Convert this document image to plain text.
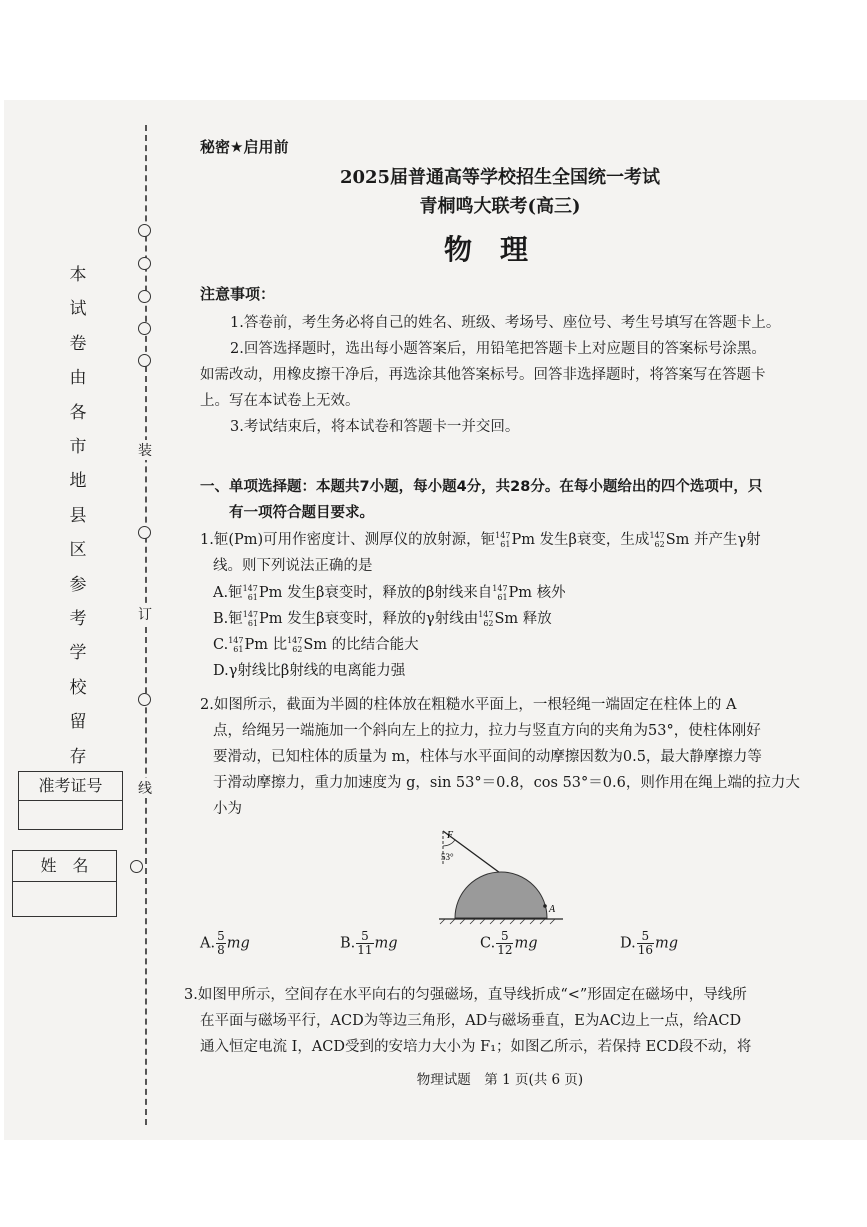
装
订
线
本
试
卷
由
各
市
地
县
区
参
考
学
校
留
存
准考证号
姓　名
秘密★启用前
2025届普通高等学校招生全国统一考试
青桐鸣大联考(高三)
物理
注意事项：
1.答卷前，考生务必将自己的姓名、班级、考场号、座位号、考生号填写在答题卡上。
2.回答选择题时，选出每小题答案后，用铅笔把答题卡上对应题目的答案标号涂黑。
如需改动，用橡皮擦干净后，再选涂其他答案标号。回答非选择题时，将答案写在答题卡
上。写在本试卷上无效。
3.考试结束后，将本试卷和答题卡一并交回。
一、单项选择题：本题共7小题，每小题4分，共28分。在每小题给出的四个选项中，只
有一项符合题目要求。
1.钷(Pm)可用作密度计、测厚仪的放射源，钷 147
61 Pm 发生β衰变，生成 147
62 Sm 并产生γ射
线。则下列说法正确的是
A.钷 147
61 Pm 发生β衰变时，释放的β射线来自 147
61 Pm 核外
B.钷 147
61 Pm 发生β衰变时，释放的γ射线由 147
62 Sm 释放
C. 147
61 Pm 比 147
62 Sm 的比结合能大
D.γ射线比β射线的电离能力强
2.如图所示，截面为半圆的柱体放在粗糙水平面上，一根轻绳一端固定在柱体上的 A
点，给绳另一端施加一个斜向左上的拉力，拉力与竖直方向的夹角为53°，使柱体刚好
要滑动，已知柱体的质量为 m，柱体与水平面间的动摩擦因数为0.5，最大静摩擦力等
于滑动摩擦力，重力加速度为 g，sin 53°＝0.8，cos 53°＝0.6，则作用在绳上端的拉力大
小为
F
53°
A
A. $\frac{5}{8}$ mg	B. $\frac{5}{11}$ mg	C. $\frac{5}{12}$ mg	D. $\frac{5}{16}$ mg
3.如图甲所示，空间存在水平向右的匀强磁场，直导线折成“<”形固定在磁场中，导线所
在平面与磁场平行，ACD为等边三角形，AD与磁场垂直，E为AC边上一点，给ACD
通入恒定电流 I，ACD受到的安培力大小为 F₁；如图乙所示，若保持 ECD段不动，将
物理试题　第 1 页(共 6 页)
